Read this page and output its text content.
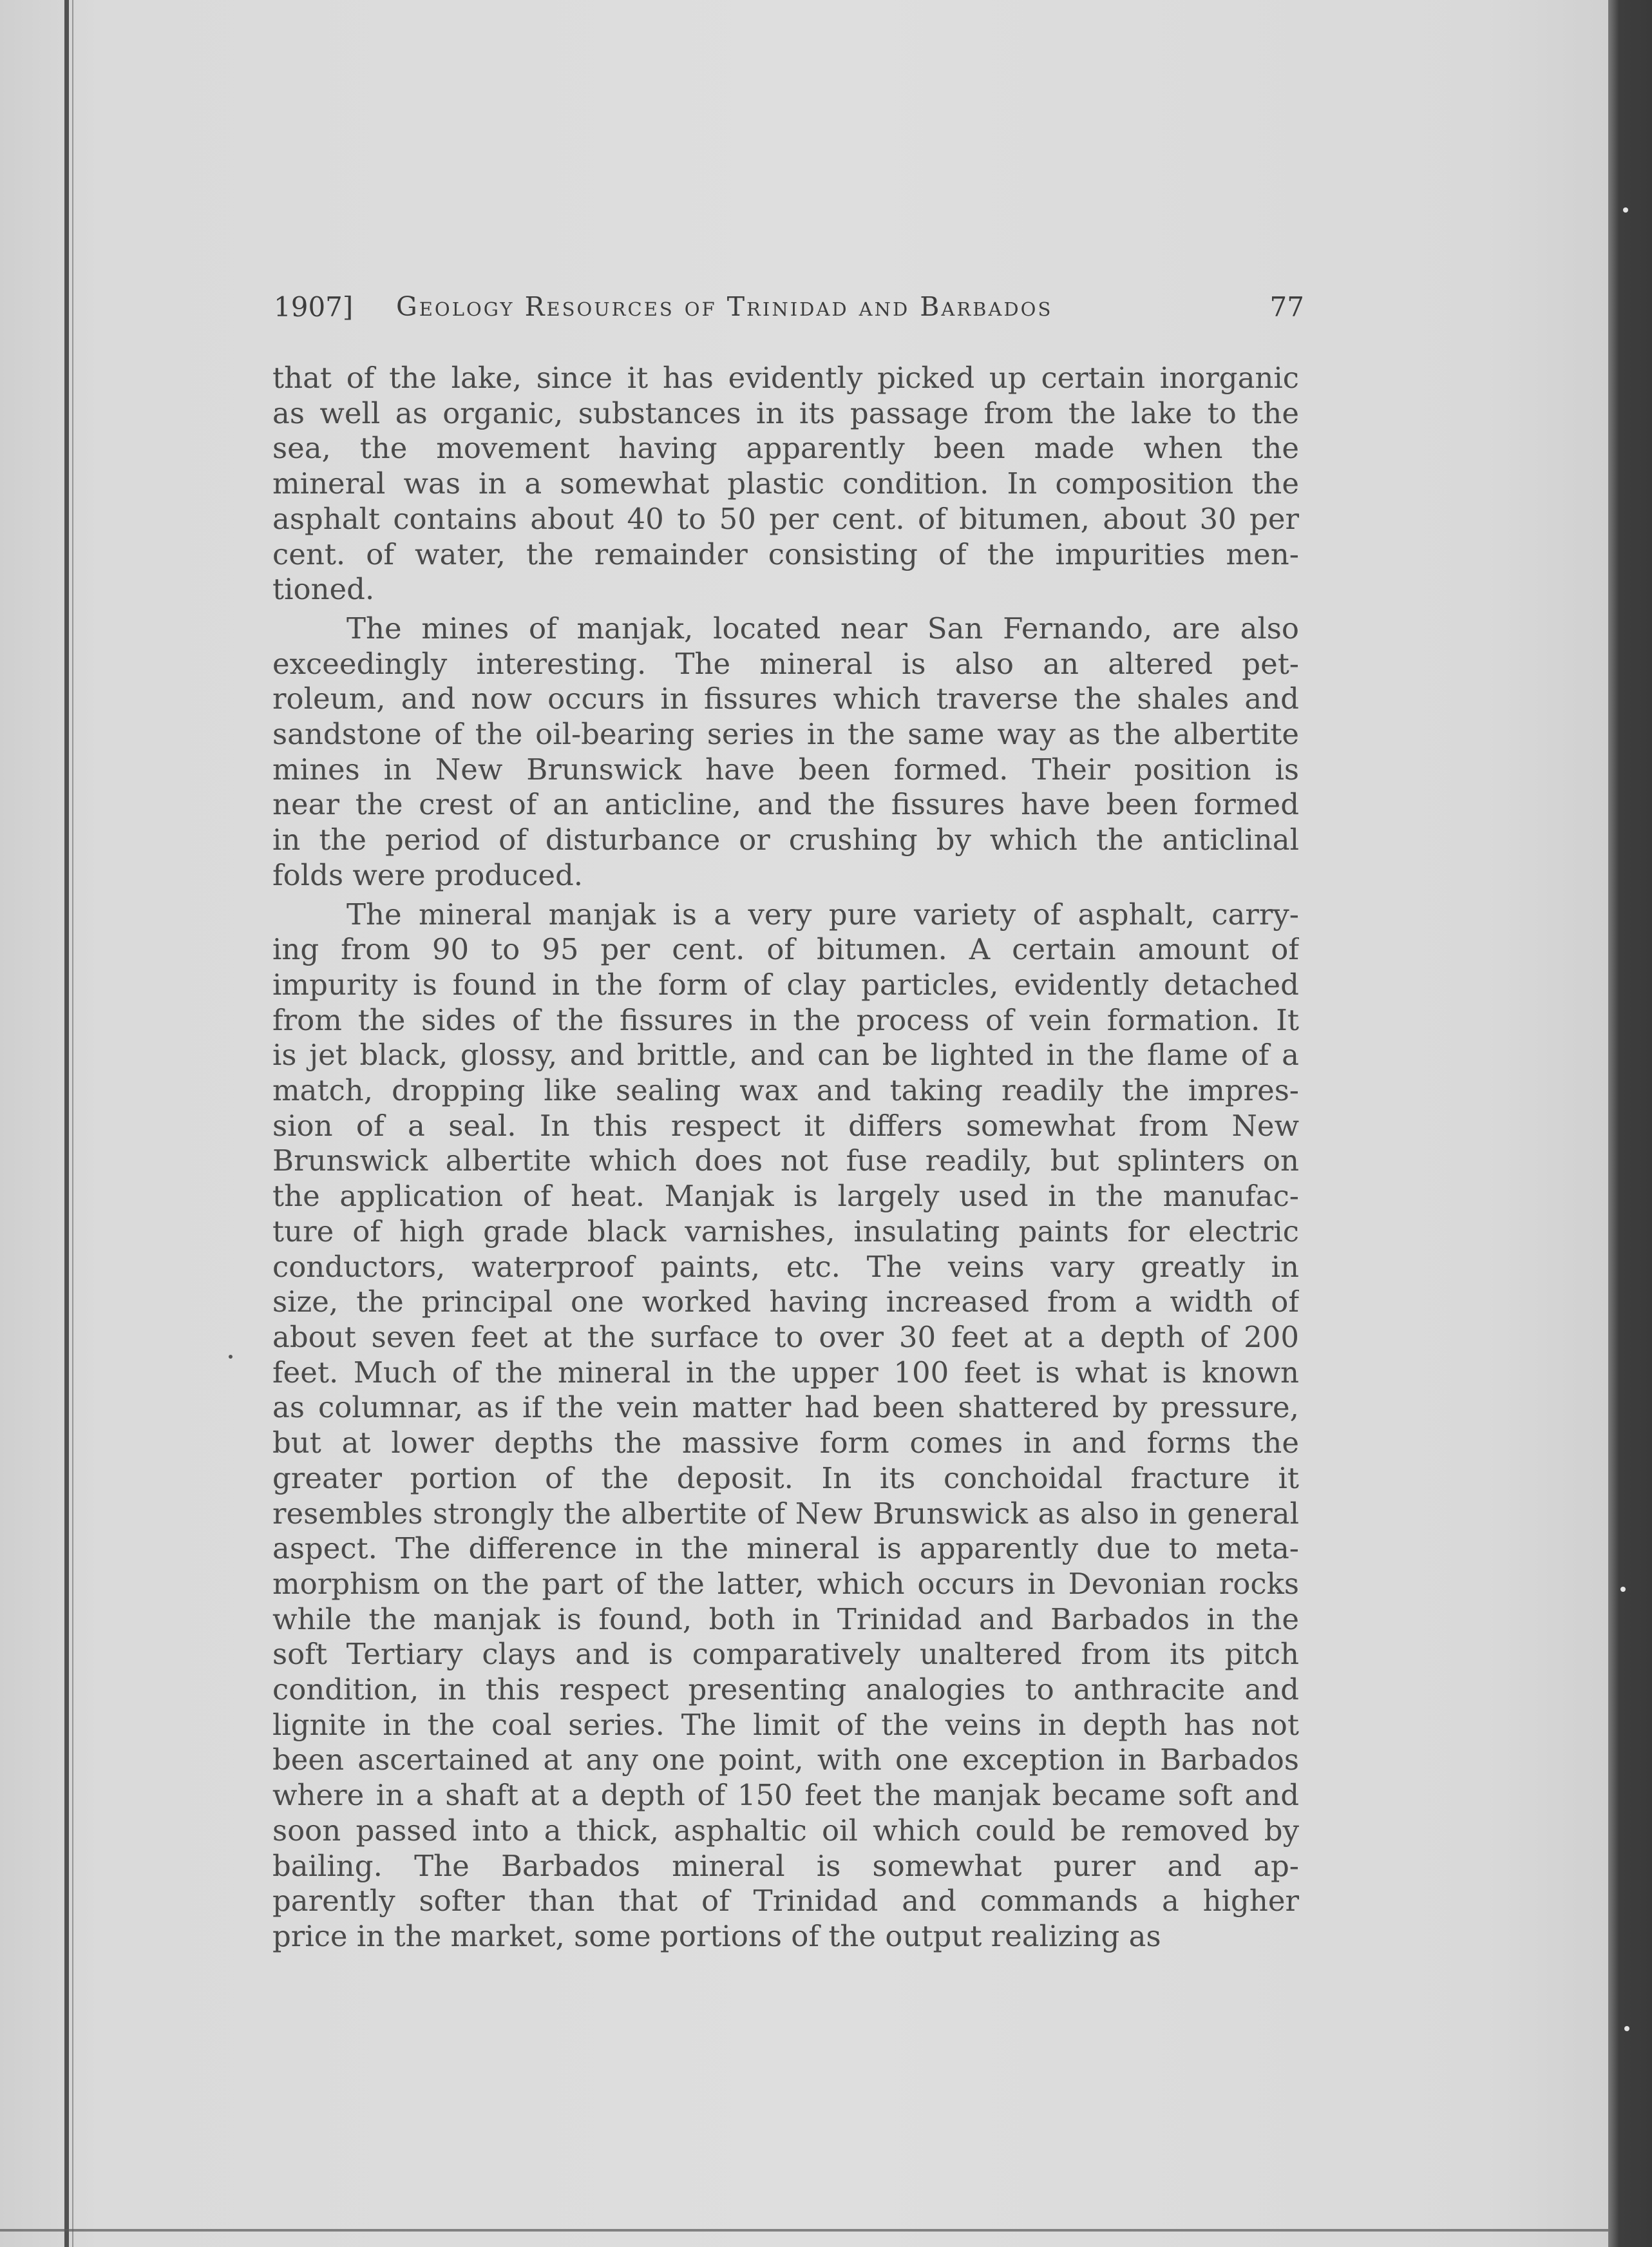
1907] Geology Resources of Trinidad and Barbados	77
that of the lake, since it has evidently picked up certain inorganic
as well as organic, substances in its passage from the lake to the
sea, the movement having apparently been made when the
mineral was in a somewhat plastic condition. In composition the
asphalt contains about 40 to 50 per cent. of bitumen, about 30 per
cent. of water, the remainder consisting of the impurities men-
tioned.
The mines of manjak, located near San Fernando, are also
exceedingly interesting. The mineral is also an altered pet-
roleum, and now occurs in fissures which traverse the shales and
sandstone of the oil-bearing series in the same way as the albertite
mines in New Brunswick have been formed. Their position is
near the crest of an anticline, and the fissures have been formed
in the period of disturbance or crushing by which the anticlinal
folds were produced.
The mineral manjak is a very pure variety of asphalt, carry-
ing from 90 to 95 per cent. of bitumen. A certain amount of
impurity is found in the form of clay particles, evidently detached
from the sides of the fissures in the process of vein formation. It
is jet black, glossy, and brittle, and can be lighted in the flame of a
match, dropping like sealing wax and taking readily the impres-
sion of a seal. In this respect it differs somewhat from New
Brunswick albertite which does not fuse readily, but splinters on
the application of heat. Manjak is largely used in the manufac-
ture of high grade black varnishes, insulating paints for electric
conductors, waterproof paints, etc. The veins vary greatly in
size, the principal one worked having increased from a width of
about seven feet at the surface to over 30 feet at a depth of 200
feet. Much of the mineral in the upper 100 feet is what is known
as columnar, as if the vein matter had been shattered by pressure,
but at lower depths the massive form comes in and forms the
greater portion of the deposit. In its conchoidal fracture it
resembles strongly the albertite of New Brunswick as also in general
aspect. The difference in the mineral is apparently due to meta-
morphism on the part of the latter, which occurs in Devonian rocks
while the manjak is found, both in Trinidad and Barbados in the
soft Tertiary clays and is comparatively unaltered from its pitch
condition, in this respect presenting analogies to anthracite and
lignite in the coal series. The limit of the veins in depth has not
been ascertained at any one point, with one exception in Barbados
where in a shaft at a depth of 150 feet the manjak became soft and
soon passed into a thick, asphaltic oil which could be removed by
bailing. The Barbados mineral is somewhat purer and ap-
parently softer than that of Trinidad and commands a higher
price in the market, some portions of the output realizing as
